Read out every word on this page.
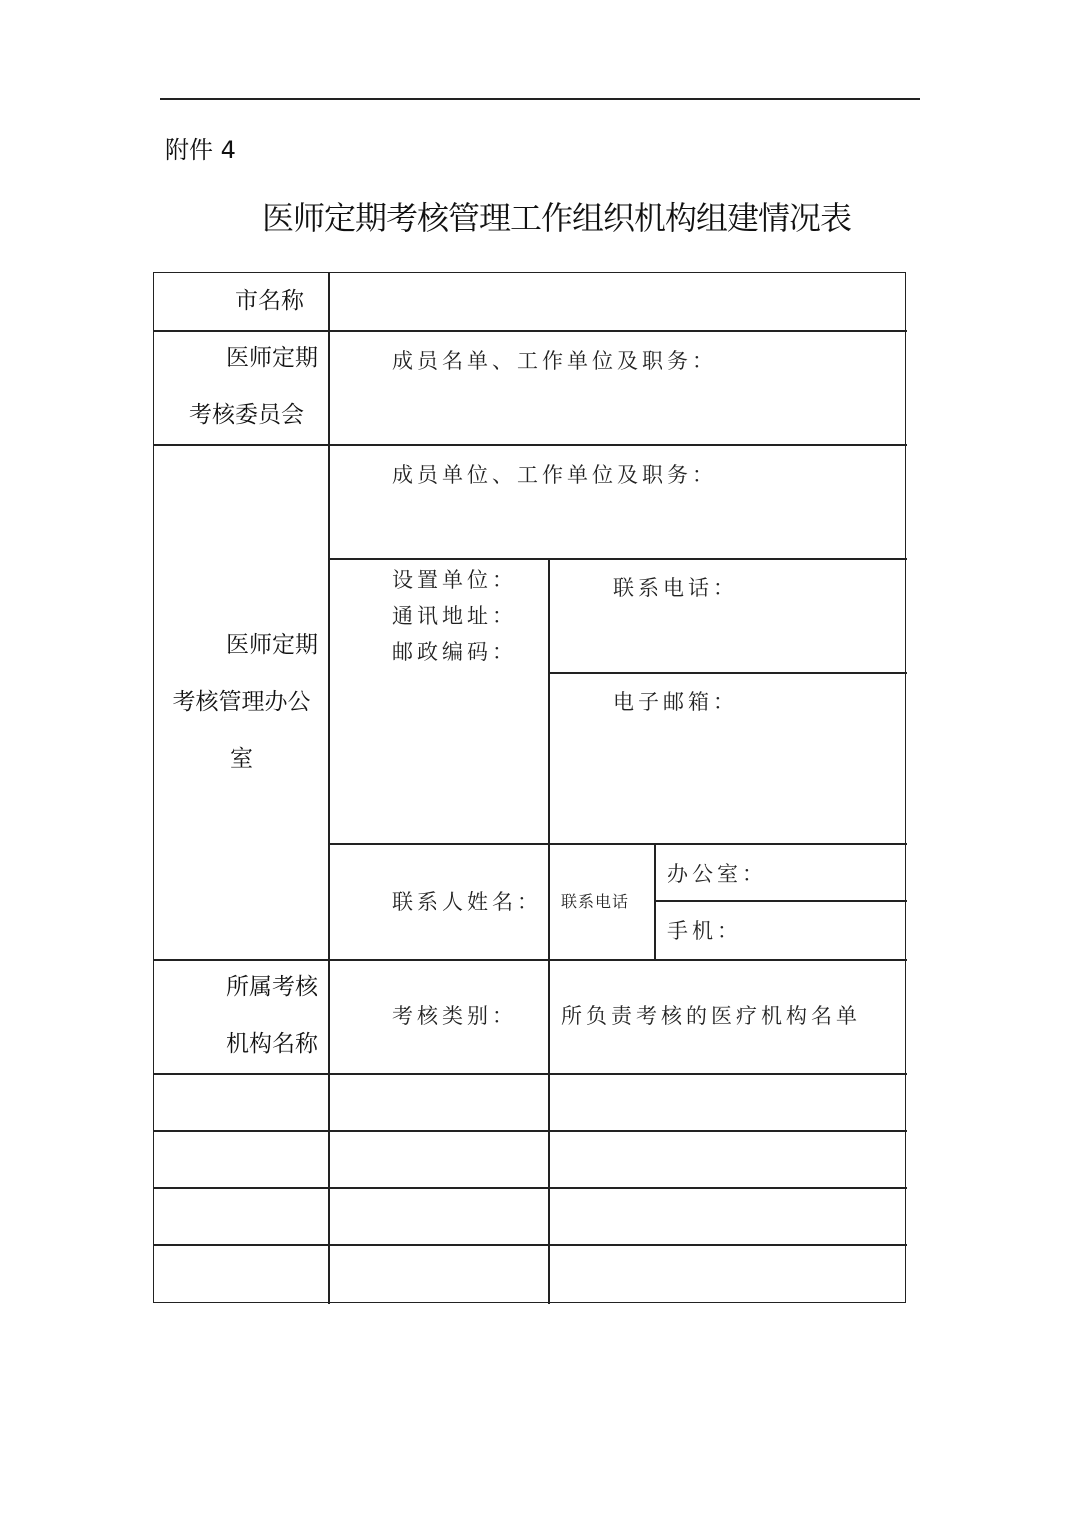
附件 4
医师定期考核管理工作组织机构组建情况表
市名称
医师定期
考核委员会
成员名单、工作单位及职务：
医师定期
考核管理办公
室
成员单位、工作单位及职务：
设置单位：
通讯地址：
邮政编码：
联系电话：
电子邮箱：
联系人姓名： 联系电话
办公室：
手机：
所属考核
机构名称
考核类别： 所负责考核的医疗机构名单
